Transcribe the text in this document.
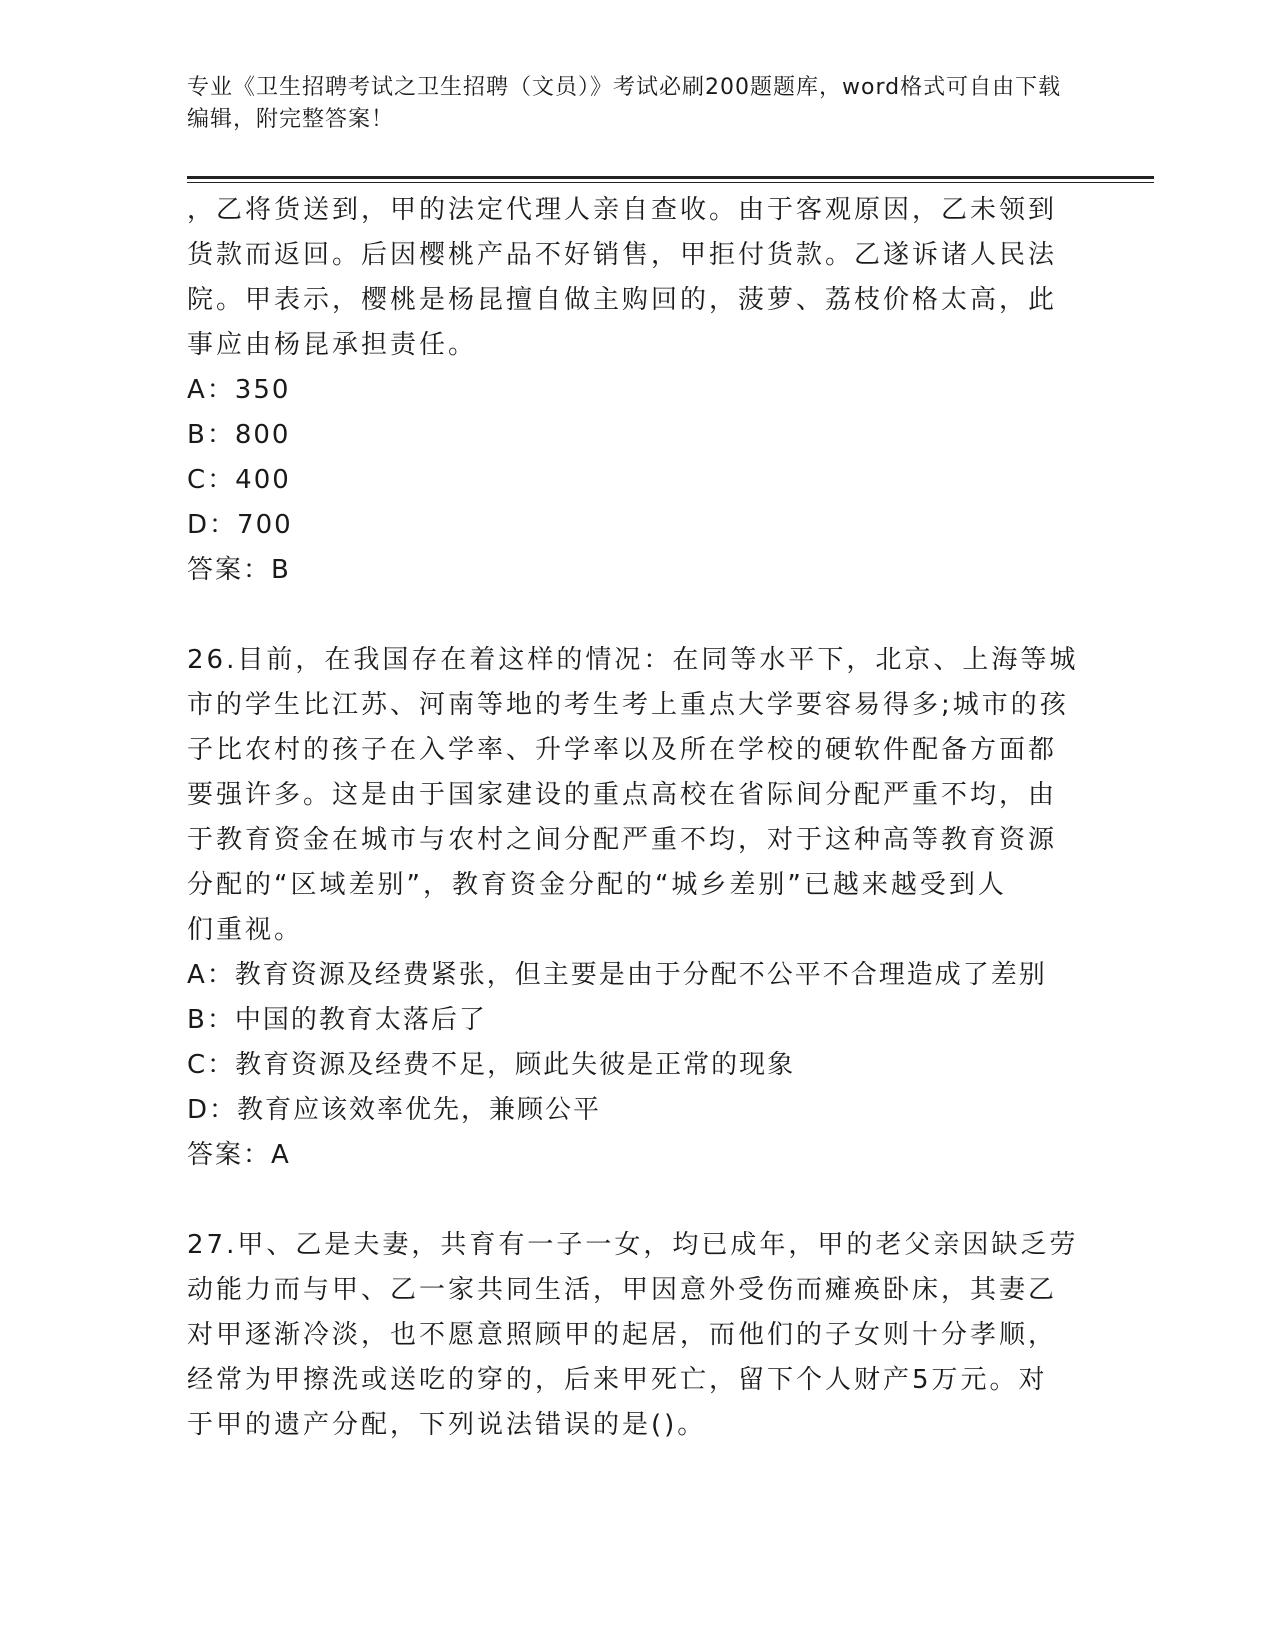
专业《卫生招聘考试之卫生招聘（文员）》考试必刷200题题库，word格式可自由下载编辑，附完整答案！

，乙将货送到，甲的法定代理人亲自查收。由于客观原因，乙未领到

货款而返回。后因樱桃产品不好销售，甲拒付货款。乙遂诉诸人民法

院。甲表示，樱桃是杨昆擅自做主购回的，菠萝、荔枝价格太高，此

事应由杨昆承担责任。

A：350

B：800

C：400

D：700

答案：B

26.目前，在我国存在着这样的情况：在同等水平下，北京、上海等城

市的学生比江苏、河南等地的考生考上重点大学要容易得多;城市的孩

子比农村的孩子在入学率、升学率以及所在学校的硬软件配备方面都

要强许多。这是由于国家建设的重点高校在省际间分配严重不均，由

于教育资金在城市与农村之间分配严重不均，对于这种高等教育资源

分配的“区域差别”，教育资金分配的“城乡差别”已越来越受到人

们重视。

A：教育资源及经费紧张，但主要是由于分配不公平不合理造成了差别

B：中国的教育太落后了

C：教育资源及经费不足，顾此失彼是正常的现象

D：教育应该效率优先，兼顾公平

答案：A

27.甲、乙是夫妻，共育有一子一女，均已成年，甲的老父亲因缺乏劳

动能力而与甲、乙一家共同生活，甲因意外受伤而瘫痪卧床，其妻乙

对甲逐渐冷淡，也不愿意照顾甲的起居，而他们的子女则十分孝顺，

经常为甲擦洗或送吃的穿的，后来甲死亡，留下个人财产5万元。对

于甲的遗产分配，下列说法错误的是()。
